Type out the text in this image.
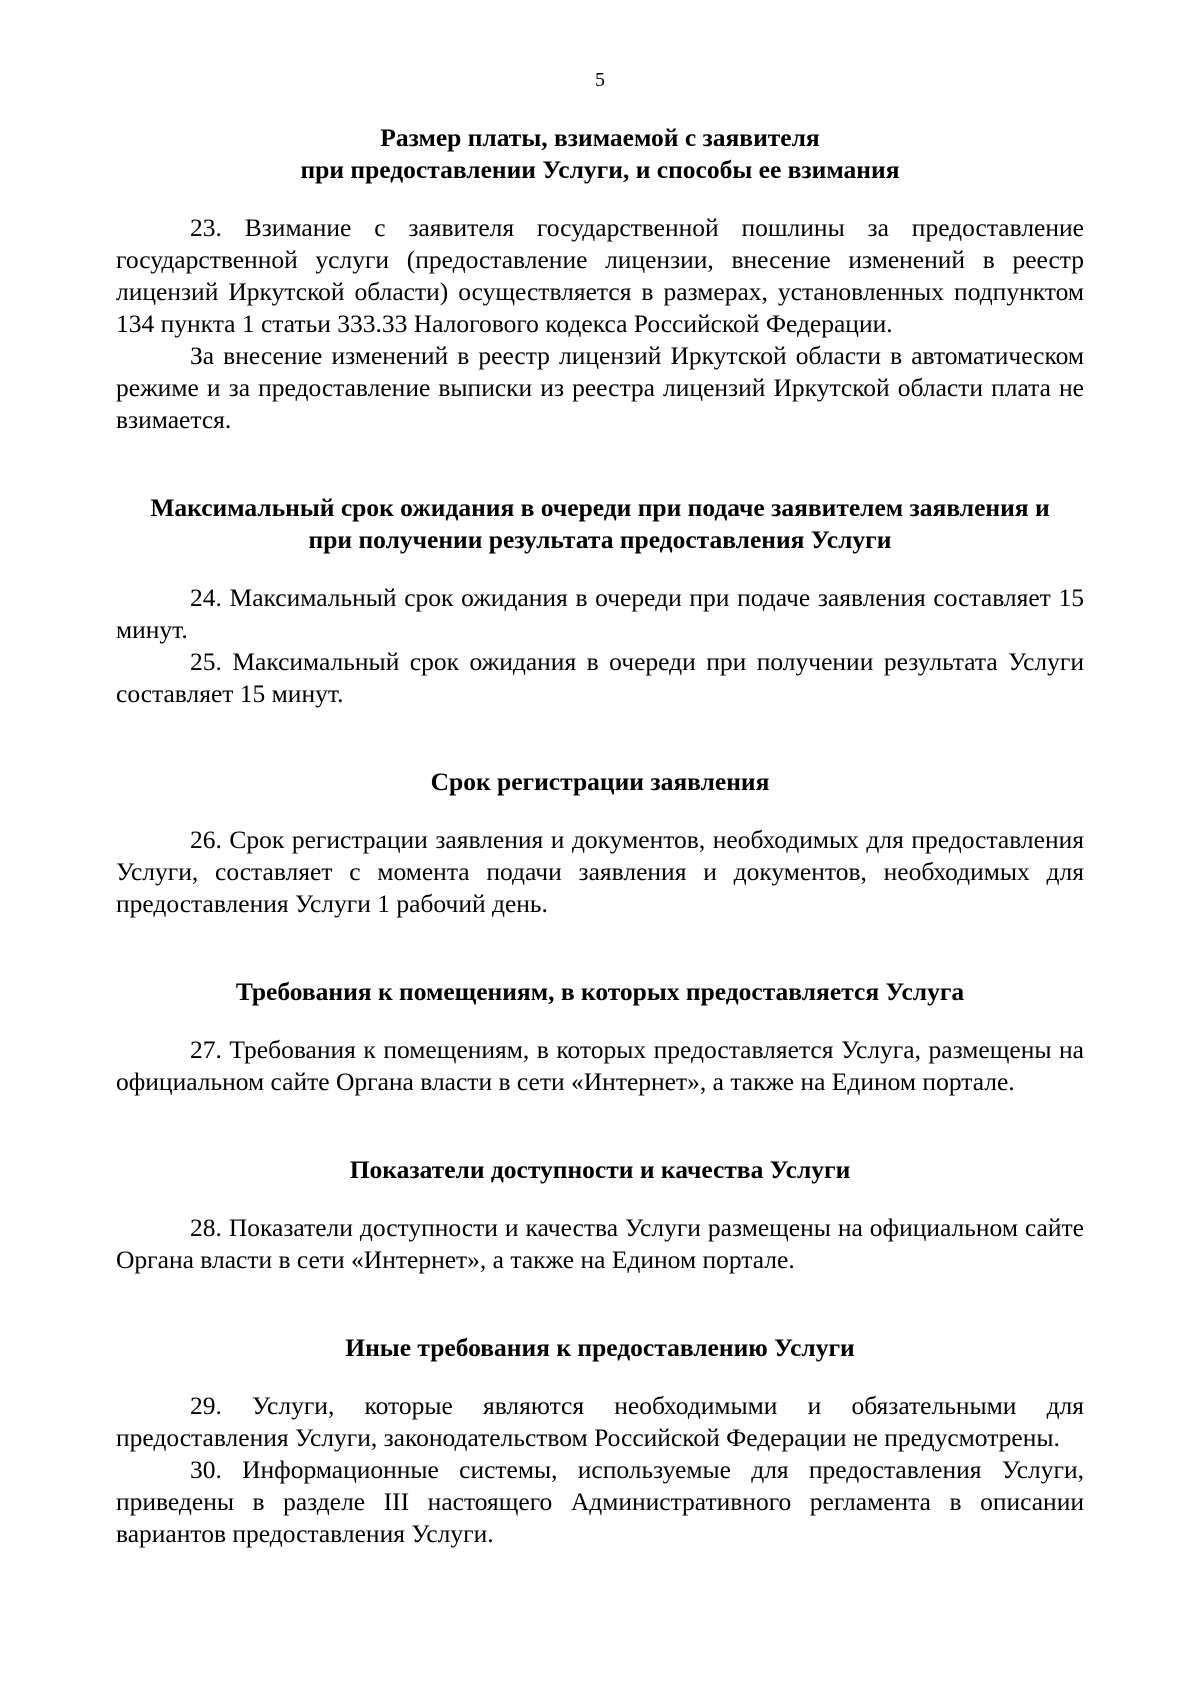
5

Размер платы, взимаемой с заявителя

при предоставлении Услуги, и способы ее взимания

23. Взимание с заявителя государственной пошлины за предоставление государственной услуги (предоставление лицензии, внесение изменений в реестр лицензий Иркутской области) осуществляется в размерах, установленных подпунктом 134 пункта 1 статьи 333.33 Налогового кодекса Российской Федерации.

За внесение изменений в реестр лицензий Иркутской области в автоматическом режиме и за предоставление выписки из реестра лицензий Иркутской области плата не взимается.

Максимальный срок ожидания в очереди при подаче заявителем заявления и

при получении результата предоставления Услуги

24. Максимальный срок ожидания в очереди при подаче заявления составляет 15 минут.

25. Максимальный срок ожидания в очереди при получении результата Услуги составляет 15 минут.

Срок регистрации заявления

26. Срок регистрации заявления и документов, необходимых для предоставления Услуги, составляет с момента подачи заявления и документов, необходимых для предоставления Услуги 1 рабочий день.

Требования к помещениям, в которых предоставляется Услуга

27. Требования к помещениям, в которых предоставляется Услуга, размещены на официальном сайте Органа власти в сети «Интернет», а также на Едином портале.

Показатели доступности и качества Услуги

28. Показатели доступности и качества Услуги размещены на официальном сайте Органа власти в сети «Интернет», а также на Едином портале.

Иные требования к предоставлению Услуги

29. Услуги, которые являются необходимыми и обязательными для предоставления Услуги, законодательством Российской Федерации не предусмотрены.

30. Информационные системы, используемые для предоставления Услуги, приведены в разделе III настоящего Административного регламента в описании вариантов предоставления Услуги.
